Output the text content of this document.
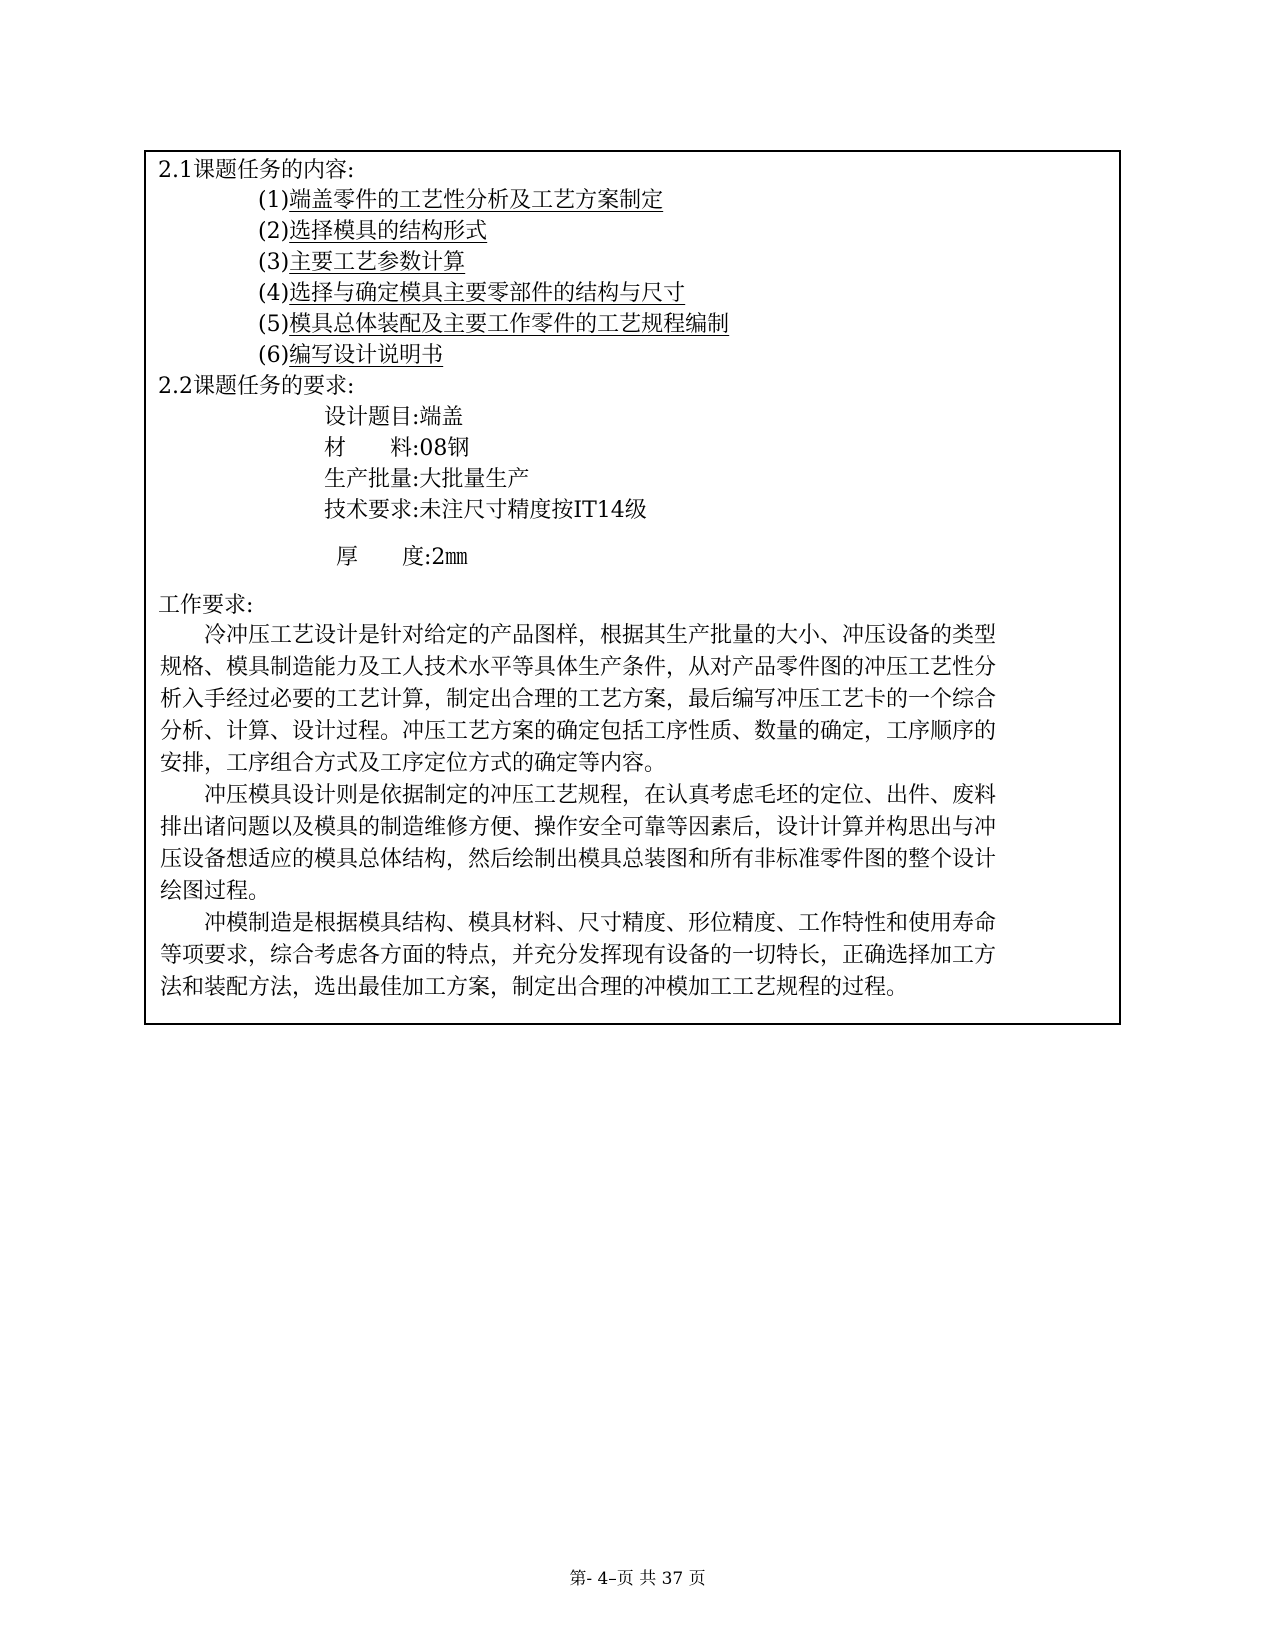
2.1课题任务的内容:
(1)端盖零件的工艺性分析及工艺方案制定
(2)选择模具的结构形式
(3)主要工艺参数计算
(4)选择与确定模具主要零部件的结构与尺寸
(5)模具总体装配及主要工作零件的工艺规程编制
(6)编写设计说明书
2.2课题任务的要求:
设计题目:端盖
材　　料:08钢
生产批量:大批量生产
技术要求:未注尺寸精度按IT14级
厚　　度:2㎜
工作要求:
　　冷冲压工艺设计是针对给定的产品图样，根据其生产批量的大小、冲压设备的类型
规格、模具制造能力及工人技术水平等具体生产条件，从对产品零件图的冲压工艺性分
析入手经过必要的工艺计算，制定出合理的工艺方案，最后编写冲压工艺卡的一个综合
分析、计算、设计过程。冲压工艺方案的确定包括工序性质、数量的确定，工序顺序的
安排，工序组合方式及工序定位方式的确定等内容。
　　冲压模具设计则是依据制定的冲压工艺规程，在认真考虑毛坯的定位、出件、废料
排出诸问题以及模具的制造维修方便、操作安全可靠等因素后，设计计算并构思出与冲
压设备想适应的模具总体结构，然后绘制出模具总装图和所有非标准零件图的整个设计
绘图过程。
　　冲模制造是根据模具结构、模具材料、尺寸精度、形位精度、工作特性和使用寿命
等项要求，综合考虑各方面的特点，并充分发挥现有设备的一切特长，正确选择加工方
法和装配方法，选出最佳加工方案，制定出合理的冲模加工工艺规程的过程。
第- 4–页 共 37 页
